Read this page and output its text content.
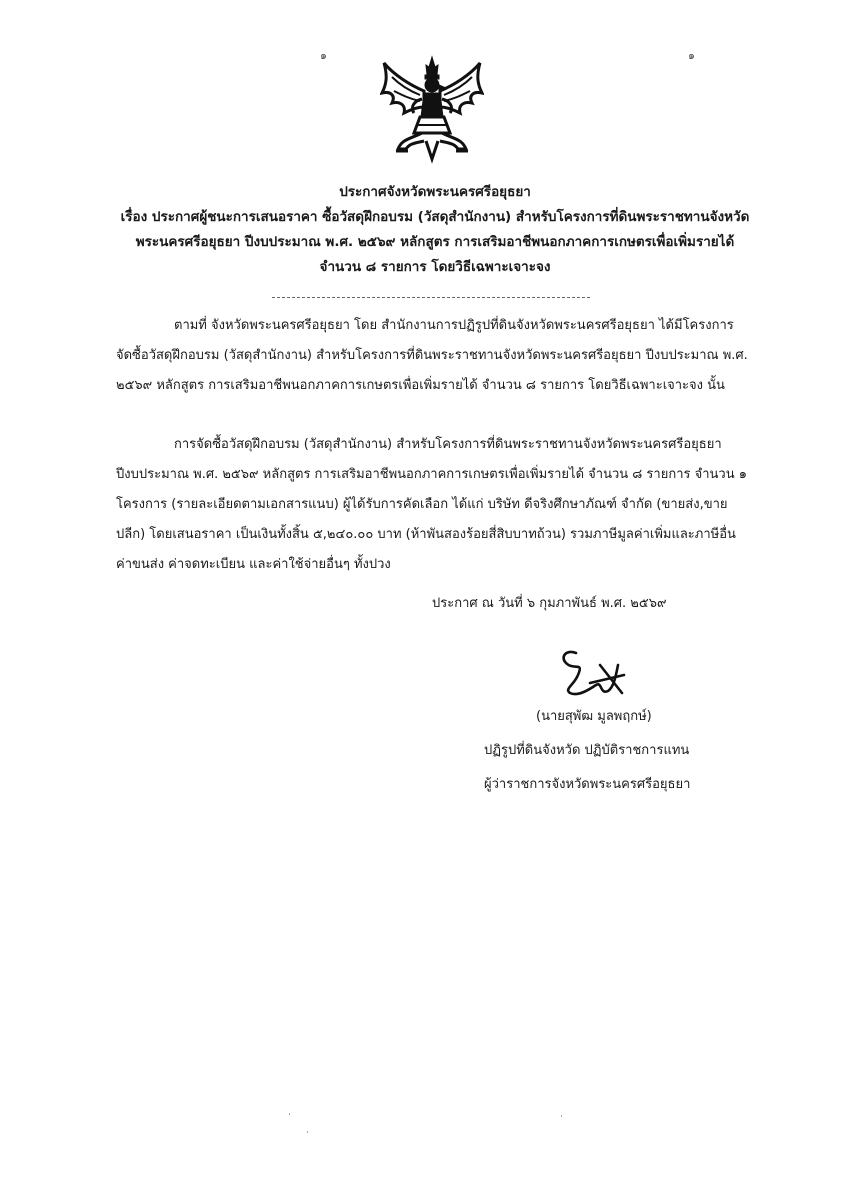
๑	๑
ประกาศจังหวัดพระนครศรีอยุธยา
เรื่อง ประกาศผู้ชนะการเสนอราคา ซื้อวัสดุฝึกอบรม (วัสดุสำนักงาน) สำหรับโครงการที่ดินพระราชทานจังหวัด
พระนครศรีอยุธยา ปีงบประมาณ พ.ศ. ๒๕๖๙ หลักสูตร การเสริมอาชีพนอกภาคการเกษตรเพื่อเพิ่มรายได้
จำนวน ๘ รายการ โดยวิธีเฉพาะเจาะจง
ตามที่ จังหวัดพระนครศรีอยุธยา โดย สำนักงานการปฏิรูปที่ดินจังหวัดพระนครศรีอยุธยา ได้มีโครงการ
จัดซื้อวัสดุฝึกอบรม (วัสดุสำนักงาน) สำหรับโครงการที่ดินพระราชทานจังหวัดพระนครศรีอยุธยา ปีงบประมาณ พ.ศ.
๒๕๖๙ หลักสูตร การเสริมอาชีพนอกภาคการเกษตรเพื่อเพิ่มรายได้ จำนวน ๘ รายการ โดยวิธีเฉพาะเจาะจง นั้น
การจัดซื้อวัสดุฝึกอบรม (วัสดุสำนักงาน) สำหรับโครงการที่ดินพระราชทานจังหวัดพระนครศรีอยุธยา
ปีงบประมาณ พ.ศ. ๒๕๖๙ หลักสูตร การเสริมอาชีพนอกภาคการเกษตรเพื่อเพิ่มรายได้ จำนวน ๘ รายการ จำนวน ๑
โครงการ (รายละเอียดตามเอกสารแนบ) ผู้ได้รับการคัดเลือก ได้แก่ บริษัท ดีจริงศึกษาภัณฑ์ จำกัด (ขายส่ง,ขาย
ปลีก) โดยเสนอราคา เป็นเงินทั้งสิ้น ๕,๒๔๐.๐๐ บาท (ห้าพันสองร้อยสี่สิบบาทถ้วน) รวมภาษีมูลค่าเพิ่มและภาษีอื่น
ค่าขนส่ง ค่าจดทะเบียน และค่าใช้จ่ายอื่นๆ ทั้งปวง
ประกาศ ณ วันที่ ๖ กุมภาพันธ์ พ.ศ. ๒๕๖๙
(นายสุพัฒ มูลพฤกษ์)
ปฏิรูปที่ดินจังหวัด ปฏิบัติราชการแทน
ผู้ว่าราชการจังหวัดพระนครศรีอยุธยา
·
·
·
